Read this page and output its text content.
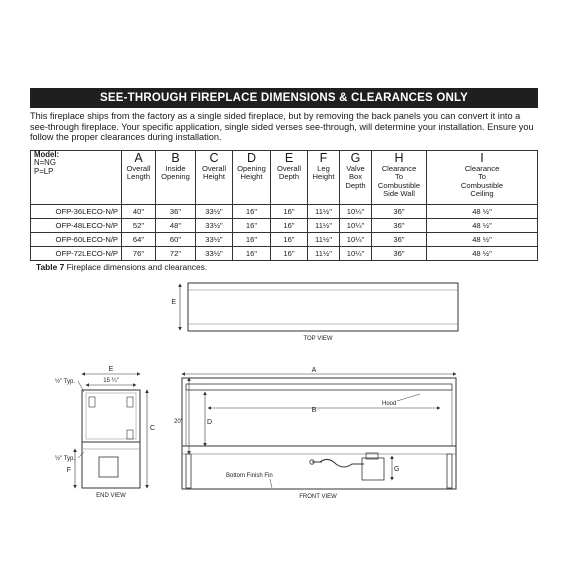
SEE-THROUGH FIREPLACE DIMENSIONS & CLEARANCES ONLY
This fireplace ships from the factory as a single sided fireplace, but by removing the back panels you can convert it into a see-through fireplace. Your specific application, single sided verses see-through, will determine your installation. Ensure you follow the proper clearances during installation.
Model:
N=NG
P=LP	A
Overall
Length	B
Inside
Opening	C
Overall
Height	D
Opening
Height	E
Overall
Depth	F
Leg
Height	G
Valve
Box
Depth	H
Clearance
To
Combustible
Side Wall	I
Clearance
To
Combustible
Ceiling

OFP-36LECO-N/P	40"	36"	33½"	16"	16"	11½"	10¼"	36"	48 ½"
OFP-48LECO-N/P	52"	48"	33½"	16"	16"	11½"	10¼"	36"	48 ½"
OFP-60LECO-N/P	64"	60"	33½"	16"	16"	11½"	10¼"	36"	48 ½"
OFP-72LECO-N/P	76"	72"	33½"	16"	16"	11½"	10¼"	36"	48 ½"
Table 7 Fireplace dimensions and clearances.
E
TOP VIEW
E
15 ¼"
C
F
½" Typ.
½" Typ.
END VIEW
A
B
D
20"
G
Hood
Bottom Finish Fin
FRONT VIEW
